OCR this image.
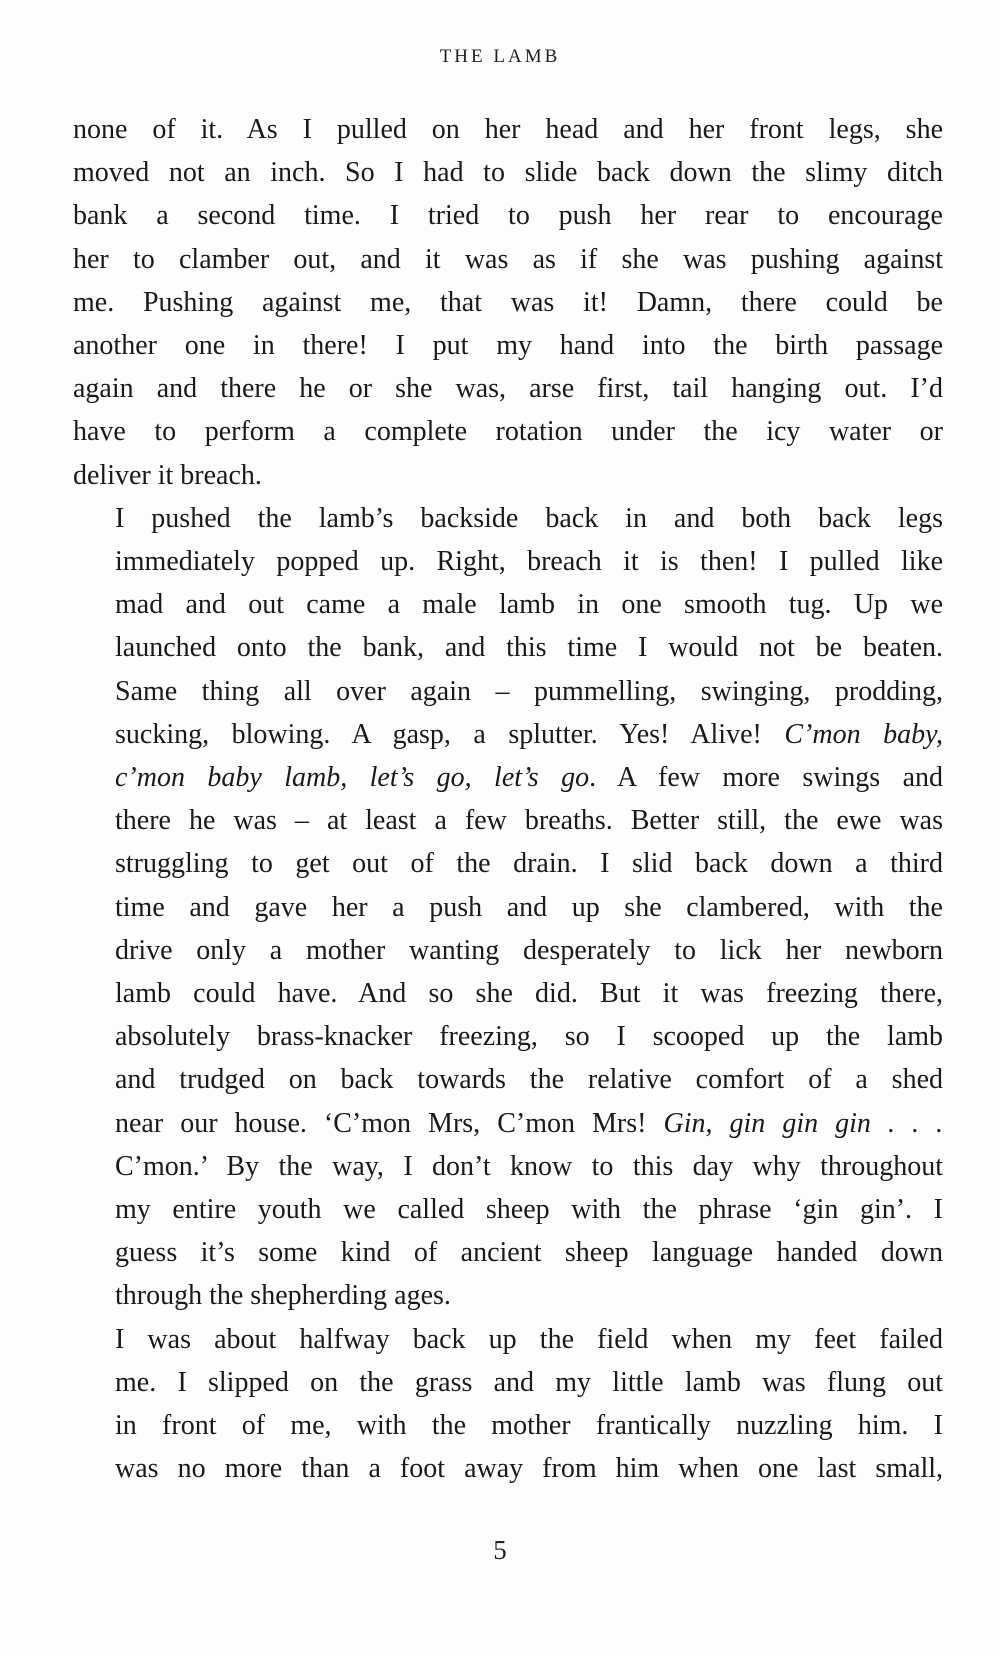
THE LAMB

none of it. As I pulled on her head and her front legs, she
moved not an inch. So I had to slide back down the slimy ditch
bank a second time. I tried to push her rear to encourage
her to clamber out, and it was as if she was pushing against
me. Pushing against me, that was it! Damn, there could be
another one in there! I put my hand into the birth passage
again and there he or she was, arse first, tail hanging out. I’d
have to perform a complete rotation under the icy water or
deliver it breach.

I pushed the lamb’s backside back in and both back legs
immediately popped up. Right, breach it is then! I pulled like
mad and out came a male lamb in one smooth tug. Up we
launched onto the bank, and this time I would not be beaten.
Same thing all over again – pummelling, swinging, prodding,
sucking, blowing. A gasp, a splutter. Yes! Alive! C’mon baby,
c’mon baby lamb, let’s go, let’s go. A few more swings and
there he was – at least a few breaths. Better still, the ewe was
struggling to get out of the drain. I slid back down a third
time and gave her a push and up she clambered, with the
drive only a mother wanting desperately to lick her newborn
lamb could have. And so she did. But it was freezing there,
absolutely brass-knacker freezing, so I scooped up the lamb
and trudged on back towards the relative comfort of a shed
near our house. ‘C’mon Mrs, C’mon Mrs! Gin, gin gin gin . . .
C’mon.’ By the way, I don’t know to this day why throughout
my entire youth we called sheep with the phrase ‘gin gin’. I
guess it’s some kind of ancient sheep language handed down
through the shepherding ages.

I was about halfway back up the field when my feet failed
me. I slipped on the grass and my little lamb was flung out
in front of me, with the mother frantically nuzzling him. I
was no more than a foot away from him when one last small,

5
